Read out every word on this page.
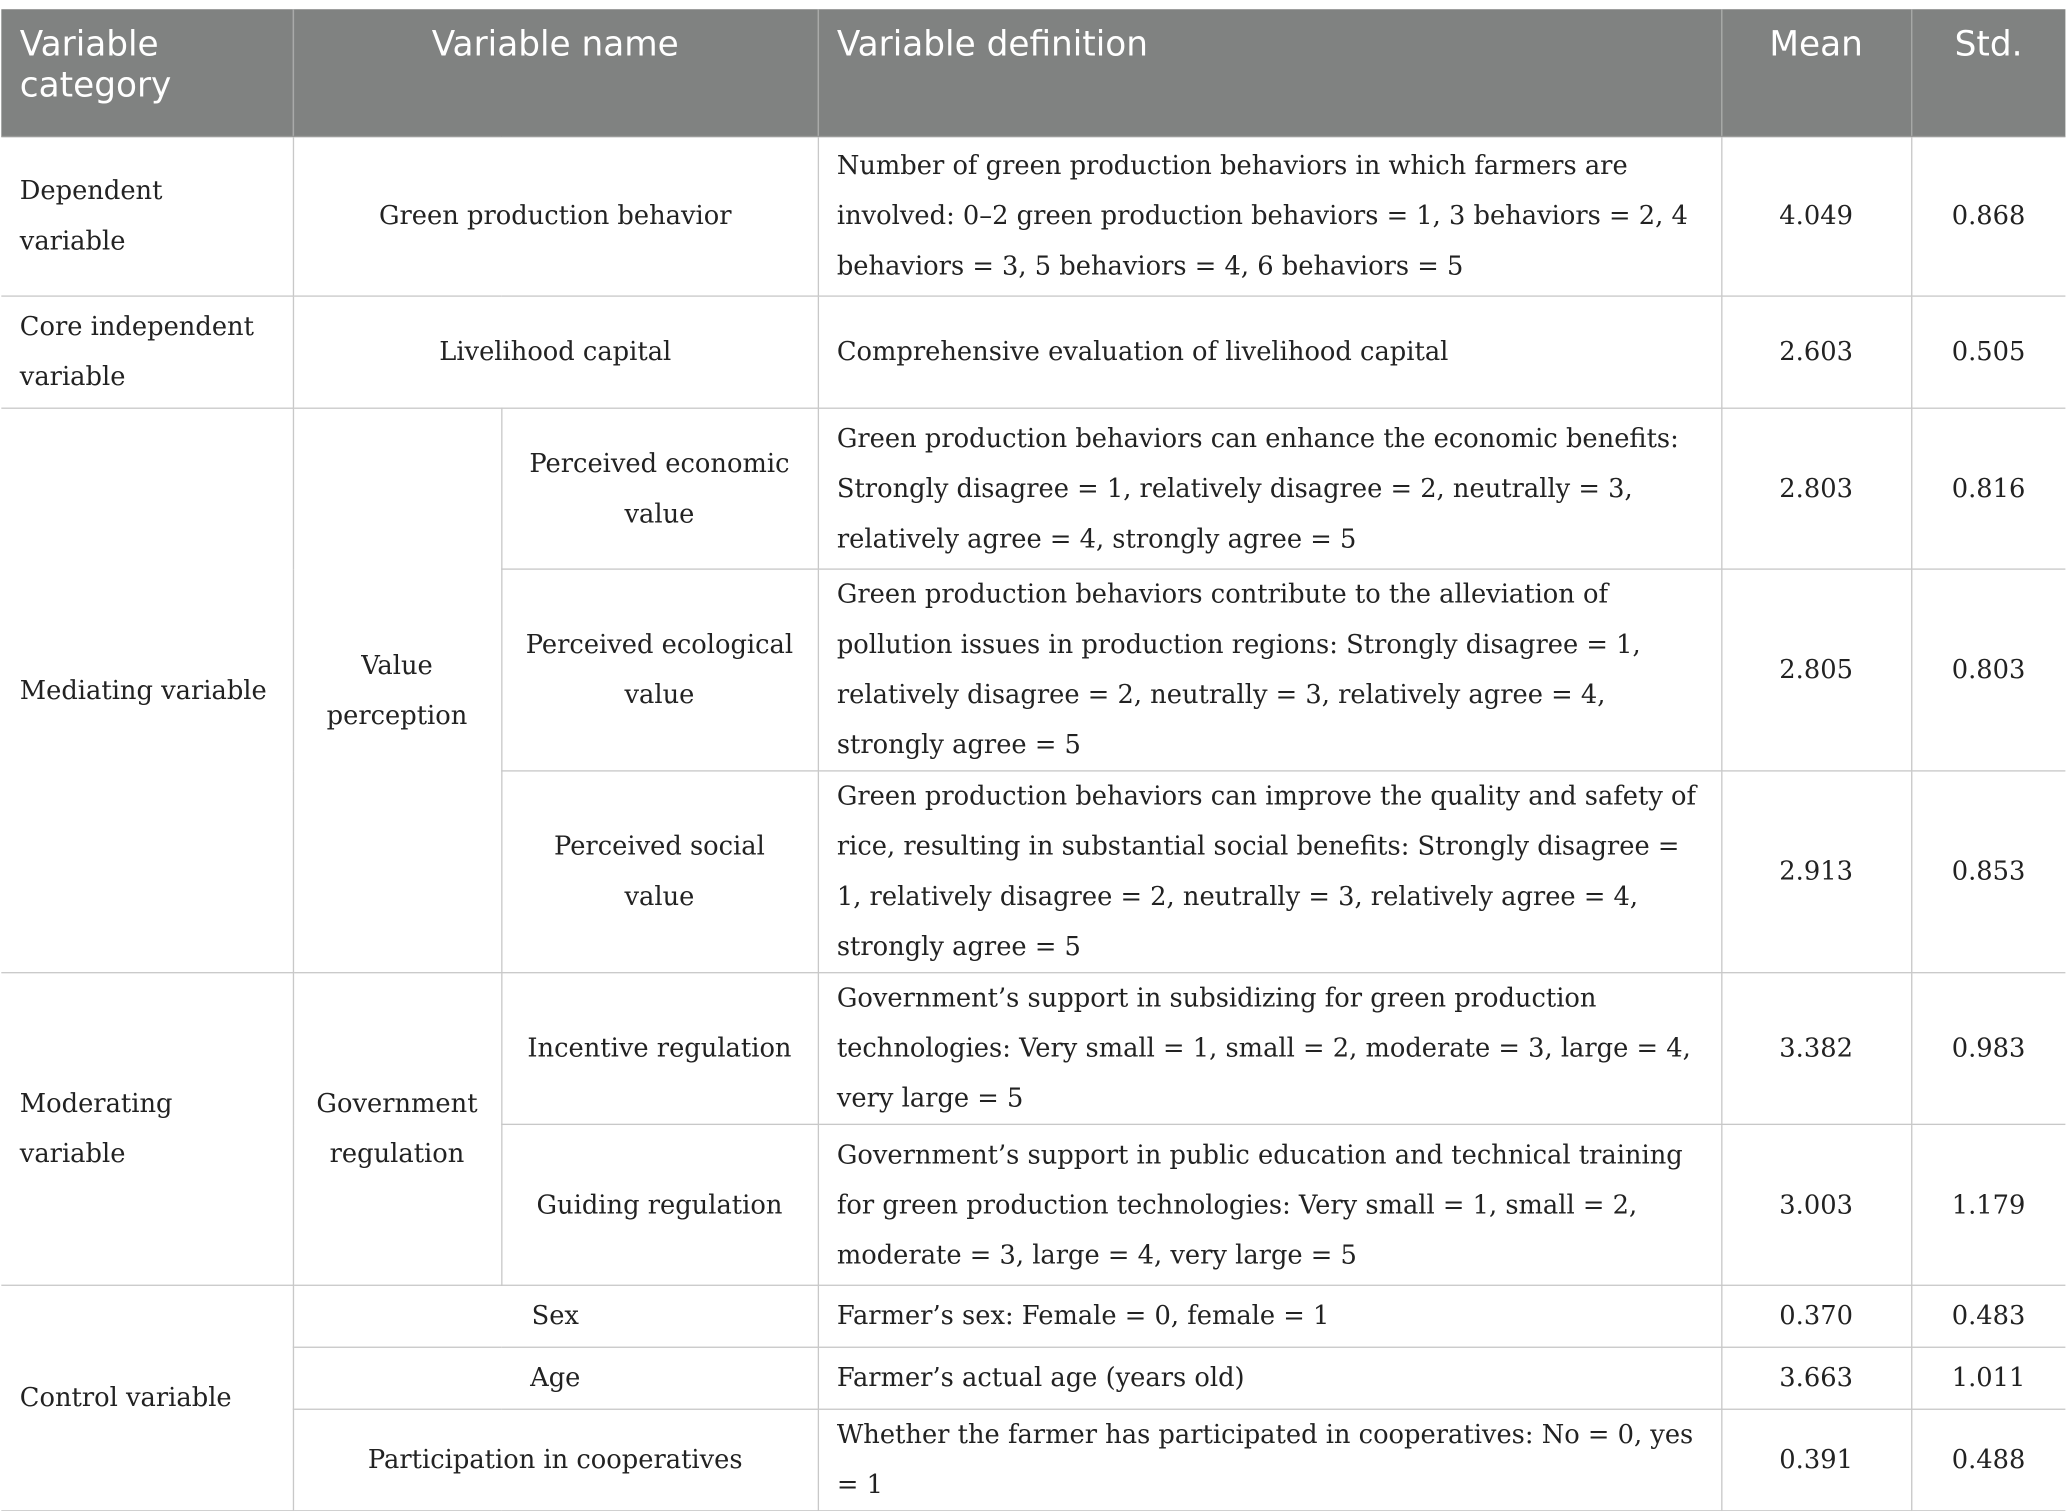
Variable category	Variable name		Variable definition	Mean	Std.
Dependent variable	Green production behavior		Number of green production behaviors in which farmers are involved: 0–2 green production behaviors = 1, 3 behaviors = 2, 4 behaviors = 3, 5 behaviors = 4, 6 behaviors = 5	4.049	0.868
Core independent variable	Livelihood capital		Comprehensive evaluation of livelihood capital	2.603	0.505
Mediating variable	Value perception	Perceived economic value	Green production behaviors can enhance the economic benefits: Strongly disagree = 1, relatively disagree = 2, neutrally = 3, relatively agree = 4, strongly agree = 5	2.803	0.816
		Perceived ecological value	Green production behaviors contribute to the alleviation of pollution issues in production regions: Strongly disagree = 1, relatively disagree = 2, neutrally = 3, relatively agree = 4, strongly agree = 5	2.805	0.803
		Perceived social value	Green production behaviors can improve the quality and safety of rice, resulting in substantial social benefits: Strongly disagree = 1, relatively disagree = 2, neutrally = 3, relatively agree = 4, strongly agree = 5	2.913	0.853
Moderating variable	Government regulation	Incentive regulation	Government’s support in subsidizing for green production technologies: Very small = 1, small = 2, moderate = 3, large = 4, very large = 5	3.382	0.983
		Guiding regulation	Government’s support in public education and technical training for green production technologies: Very small = 1, small = 2, moderate = 3, large = 4, very large = 5	3.003	1.179
Control variable	Sex		Farmer’s sex: Female = 0, female = 1	0.370	0.483
	Age		Farmer’s actual age (years old)	3.663	1.011
	Participation in cooperatives		Whether the farmer has participated in cooperatives: No = 0, yes = 1	0.391	0.488
